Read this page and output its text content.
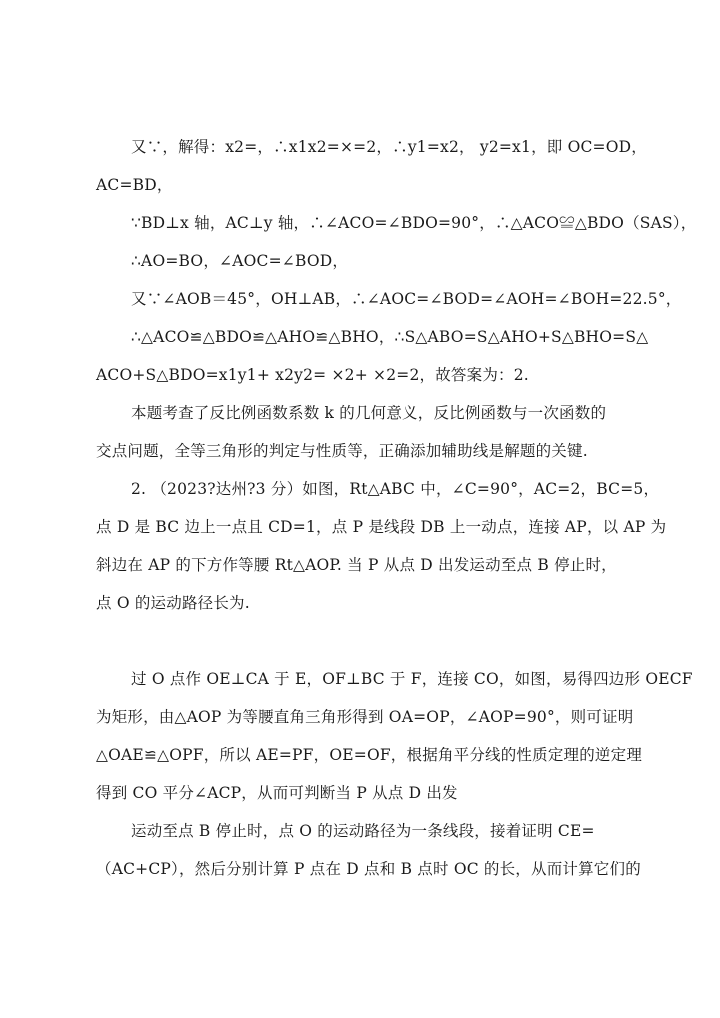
又∵，解得：x2=，∴x1x2=×=2，∴y1=x2， y2=x1，即 OC=OD，
AC=BD，
∵BD⊥x 轴，AC⊥y 轴，∴∠ACO=∠BDO=90°，∴△ACO≌△BDO（SAS），
∴AO=BO，∠AOC=∠BOD，
又∵∠AOB＝45°，OH⊥AB，∴∠AOC=∠BOD=∠AOH=∠BOH=22.5°，
∴△ACO≌△BDO≌△AHO≌△BHO，∴S△ABO=S△AHO+S△BHO=S△
ACO+S△BDO=x1y1+ x2y2= ×2+ ×2=2，故答案为：2.
本题考查了反比例函数系数 k 的几何意义，反比例函数与一次函数的
交点问题，全等三角形的判定与性质等，正确添加辅助线是解题的关键.
2. （2023?达州?3 分）如图，Rt△ABC 中，∠C=90°，AC=2，BC=5，
点 D 是 BC 边上一点且 CD=1，点 P 是线段 DB 上一动点，连接 AP，以 AP 为
斜边在 AP 的下方作等腰 Rt△AOP. 当 P 从点 D 出发运动至点 B 停止时，
点 O 的运动路径长为.
过 O 点作 OE⊥CA 于 E，OF⊥BC 于 F，连接 CO，如图，易得四边形 OECF
为矩形，由△AOP 为等腰直角三角形得到 OA=OP，∠AOP=90°，则可证明
△OAE≌△OPF，所以 AE=PF，OE=OF，根据角平分线的性质定理的逆定理
得到 CO 平分∠ACP，从而可判断当 P 从点 D 出发
运动至点 B 停止时，点 O 的运动路径为一条线段，接着证明 CE=
（AC+CP），然后分别计算 P 点在 D 点和 B 点时 OC 的长，从而计算它们的
